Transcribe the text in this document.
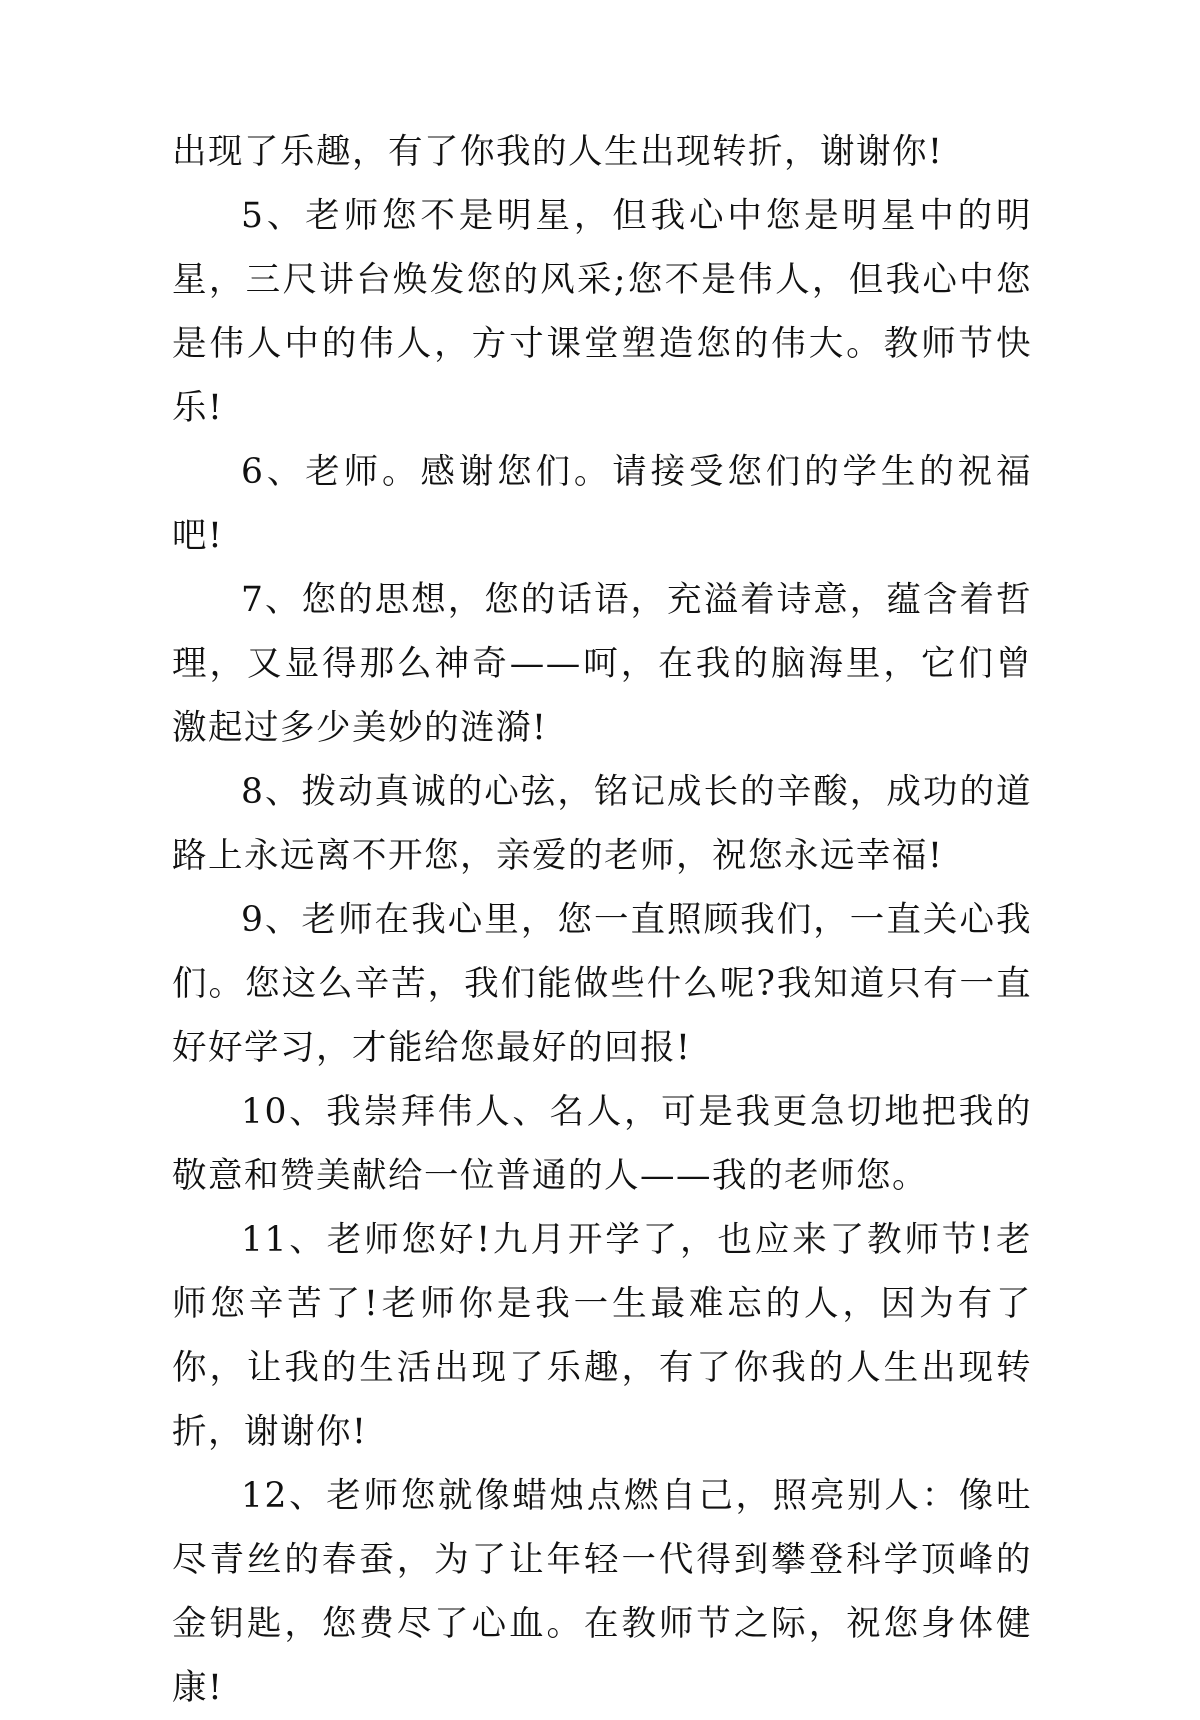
出现了乐趣，有了你我的人生出现转折，谢谢你!

5、老师您不是明星，但我心中您是明星中的明星，三尺讲台焕发您的风采;您不是伟人，但我心中您是伟人中的伟人，方寸课堂塑造您的伟大。教师节快乐!

6、老师。感谢您们。请接受您们的学生的祝福吧!

7、您的思想，您的话语，充溢着诗意，蕴含着哲理，又显得那么神奇——呵，在我的脑海里，它们曾激起过多少美妙的涟漪!

8、拨动真诚的心弦，铭记成长的辛酸，成功的道路上永远离不开您，亲爱的老师，祝您永远幸福!

9、老师在我心里，您一直照顾我们，一直关心我们。您这么辛苦，我们能做些什么呢?我知道只有一直好好学习，才能给您最好的回报!

10、我崇拜伟人、名人，可是我更急切地把我的敬意和赞美献给一位普通的人——我的老师您。

11、老师您好!九月开学了，也应来了教师节!老师您辛苦了!老师你是我一生最难忘的人，因为有了你，让我的生活出现了乐趣，有了你我的人生出现转折，谢谢你!

12、老师您就像蜡烛点燃自己，照亮别人：像吐尽青丝的春蚕，为了让年轻一代得到攀登科学顶峰的金钥匙，您费尽了心血。在教师节之际，祝您身体健康!
